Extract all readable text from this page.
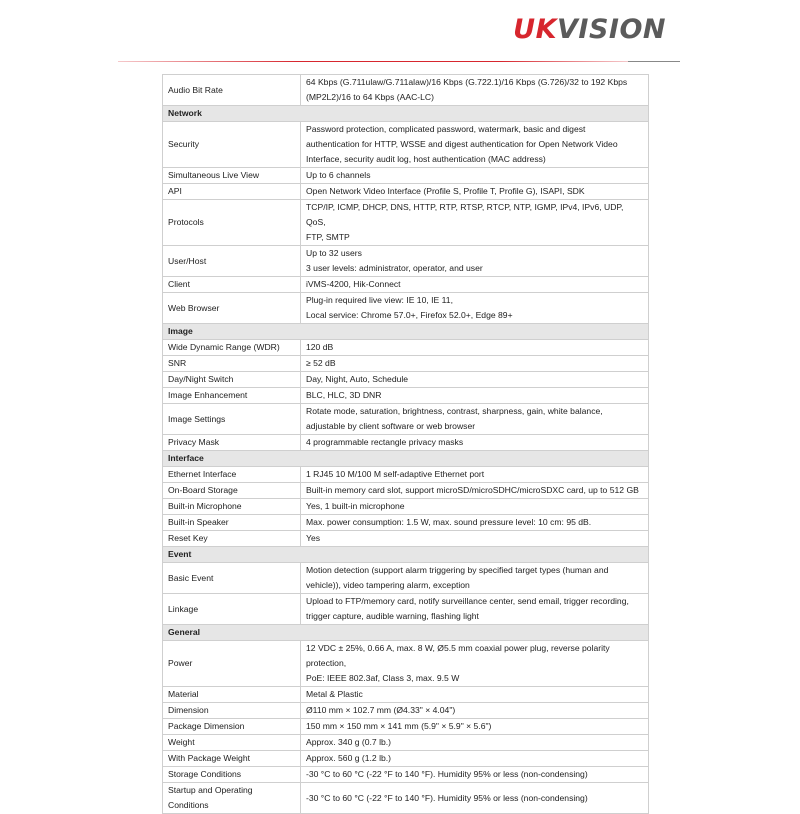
UKVISION
Audio Bit Rate	64 Kbps (G.711ulaw/G.711alaw)/16 Kbps (G.722.1)/16 Kbps (G.726)/32 to 192 Kbps
(MP2L2)/16 to 64 Kbps (AAC-LC)
Network	
Security	Password protection, complicated password, watermark, basic and digest
authentication for HTTP, WSSE and digest authentication for Open Network Video
Interface, security audit log, host authentication (MAC address)
Simultaneous Live View	Up to 6 channels
API	Open Network Video Interface (Profile S, Profile T, Profile G), ISAPI, SDK
Protocols	TCP/IP, ICMP, DHCP, DNS, HTTP, RTP, RTSP, RTCP, NTP, IGMP, IPv4, IPv6, UDP, QoS,
FTP, SMTP
User/Host	Up to 32 users
3 user levels: administrator, operator, and user
Client	iVMS-4200, Hik-Connect
Web Browser	Plug-in required live view: IE 10, IE 11,
Local service: Chrome 57.0+, Firefox 52.0+, Edge 89+
Image	
Wide Dynamic Range (WDR)	120 dB
SNR	≥ 52 dB
Day/Night Switch	Day, Night, Auto, Schedule
Image Enhancement	BLC, HLC, 3D DNR
Image Settings	Rotate mode, saturation, brightness, contrast, sharpness, gain, white balance,
adjustable by client software or web browser
Privacy Mask	4 programmable rectangle privacy masks
Interface	
Ethernet Interface	1 RJ45 10 M/100 M self-adaptive Ethernet port
On-Board Storage	Built-in memory card slot, support microSD/microSDHC/microSDXC card, up to 512 GB
Built-in Microphone	Yes, 1 built-in microphone
Built-in Speaker	Max. power consumption: 1.5 W, max. sound pressure level: 10 cm: 95 dB.
Reset Key	Yes
Event	
Basic Event	Motion detection (support alarm triggering by specified target types (human and
vehicle)), video tampering alarm, exception
Linkage	Upload to FTP/memory card, notify surveillance center, send email, trigger recording,
trigger capture, audible warning, flashing light
General	
Power	12 VDC ± 25%, 0.66 A, max. 8 W, Ø5.5 mm coaxial power plug, reverse polarity
protection,
PoE: IEEE 802.3af, Class 3, max. 9.5 W
Material	Metal & Plastic
Dimension	Ø110 mm × 102.7 mm (Ø4.33" × 4.04")
Package Dimension	150 mm × 150 mm × 141 mm (5.9" × 5.9" × 5.6")
Weight	Approx. 340 g (0.7 lb.)
With Package Weight	Approx. 560 g (1.2 lb.)
Storage Conditions	-30 °C to 60 °C (-22 °F to 140 °F). Humidity 95% or less (non-condensing)
Startup and Operating
Conditions	-30 °C to 60 °C (-22 °F to 140 °F). Humidity 95% or less (non-condensing)
